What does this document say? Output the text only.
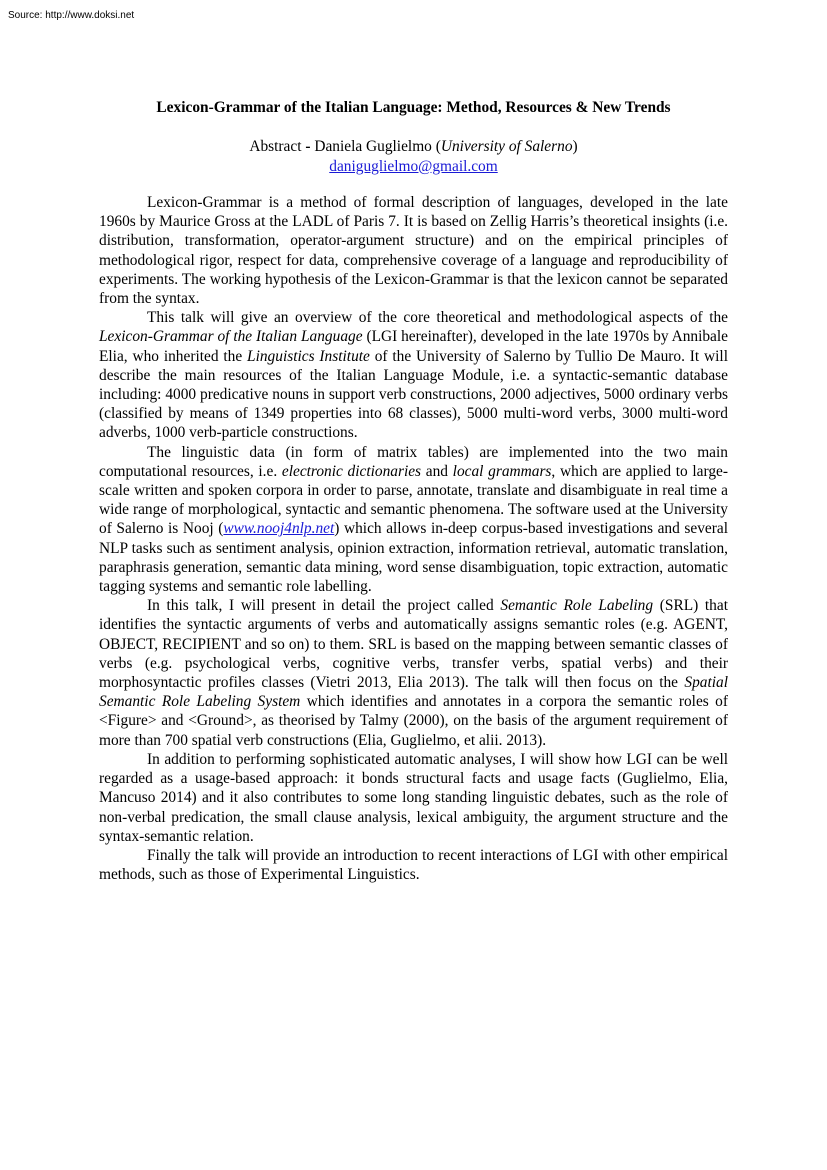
Source: http://www.doksi.net
Lexicon-Grammar of the Italian Language: Method, Resources & New Trends

Abstract - Daniela Guglielmo (University of Salerno)

daniguglielmo@gmail.com

Lexicon-Grammar is a method of formal description of languages, developed in the late 1960s by Maurice Gross at the LADL of Paris 7. It is based on Zellig Harris’s theoretical insights (i.e. distribution, transformation, operator-argument structure) and on the empirical principles of methodological rigor, respect for data, comprehensive coverage of a language and reproducibility of experiments. The working hypothesis of the Lexicon-Grammar is that the lexicon cannot be separated from the syntax.

This talk will give an overview of the core theoretical and methodological aspects of the Lexicon-Grammar of the Italian Language (LGI hereinafter), developed in the late 1970s by Annibale Elia, who inherited the Linguistics Institute of the University of Salerno by Tullio De Mauro. It will describe the main resources of the Italian Language Module, i.e. a syntactic-semantic database including: 4000 predicative nouns in support verb constructions, 2000 adjectives, 5000 ordinary verbs (classified by means of 1349 properties into 68 classes), 5000 multi-word verbs, 3000 multi-word adverbs, 1000 verb-particle constructions.

The linguistic data (in form of matrix tables) are implemented into the two main computational resources, i.e. electronic dictionaries and local grammars, which are applied to large-scale written and spoken corpora in order to parse, annotate, translate and disambiguate in real time a wide range of morphological, syntactic and semantic phenomena. The software used at the University of Salerno is Nooj (www.nooj4nlp.net) which allows in-deep corpus-based investigations and several NLP tasks such as sentiment analysis, opinion extraction, information retrieval, automatic translation, paraphrasis generation, semantic data mining, word sense disambiguation, topic extraction, automatic tagging systems and semantic role labelling.

In this talk, I will present in detail the project called Semantic Role Labeling (SRL) that identifies the syntactic arguments of verbs and automatically assigns semantic roles (e.g. AGENT, OBJECT, RECIPIENT and so on) to them. SRL is based on the mapping between semantic classes of verbs (e.g. psychological verbs, cognitive verbs, transfer verbs, spatial verbs) and their morphosyntactic profiles classes (Vietri 2013, Elia 2013). The talk will then focus on the Spatial Semantic Role Labeling System which identifies and annotates in a corpora the semantic roles of <Figure> and <Ground>, as theorised by Talmy (2000), on the basis of the argument requirement of more than 700 spatial verb constructions (Elia, Guglielmo, et alii. 2013).

In addition to performing sophisticated automatic analyses, I will show how LGI can be well regarded as a usage-based approach: it bonds structural facts and usage facts (Guglielmo, Elia, Mancuso 2014) and it also contributes to some long standing linguistic debates, such as the role of non-verbal predication, the small clause analysis, lexical ambiguity, the argument structure and the syntax-semantic relation.

Finally the talk will provide an introduction to recent interactions of LGI with other empirical methods, such as those of Experimental Linguistics.
